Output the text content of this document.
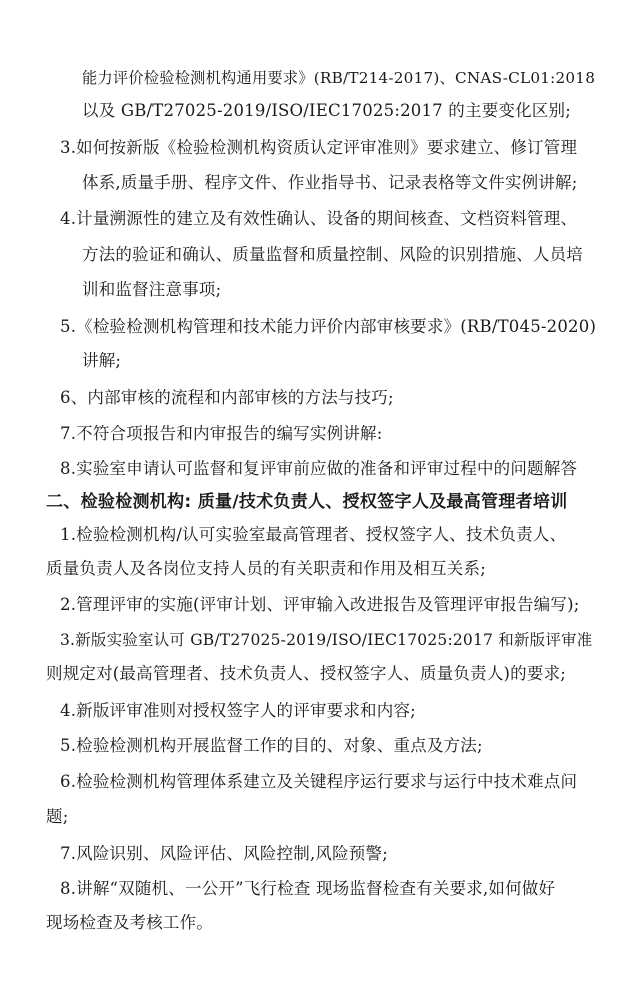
能力评价检验检测机构通用要求》(RB/T214-2017)、CNAS-CL01:2018
以及 GB/T27025-2019/ISO/IEC17025:2017 的主要变化区别;
3.如何按新版《检验检测机构资质认定评审准则》要求建立、修订管理
体系,质量手册、程序文件、作业指导书、记录表格等文件实例讲解;
4.计量溯源性的建立及有效性确认、设备的期间核查、文档资料管理、
方法的验证和确认、质量监督和质量控制、风险的识别措施、人员培
训和监督注意事项;
5.《检验检测机构管理和技术能力评价内部审核要求》(RB/T045-2020)
讲解;
6、内部审核的流程和内部审核的方法与技巧;
7.不符合项报告和内审报告的编写实例讲解:
8.实验室申请认可监督和复评审前应做的准备和评审过程中的问题解答
二、检验检测机构: 质量/技术负责人、授权签字人及最高管理者培训
1.检验检测机构/认可实验室最高管理者、授权签字人、技术负责人、
质量负责人及各岗位支持人员的有关职责和作用及相互关系;
2.管理评审的实施(评审计划、评审输入改进报告及管理评审报告编写);
3.新版实验室认可 GB/T27025-2019/ISO/IEC17025:2017 和新版评审准
则规定对(最高管理者、技术负责人、授权签字人、质量负责人)的要求;
4.新版评审准则对授权签字人的评审要求和内容;
5.检验检测机构开展监督工作的目的、对象、重点及方法;
6.检验检测机构管理体系建立及关键程序运行要求与运行中技术难点问
题;
7.风险识别、风险评估、风险控制,风险预警;
8.讲解“双随机、一公开”飞行检查 现场监督检查有关要求,如何做好
现场检查及考核工作。
